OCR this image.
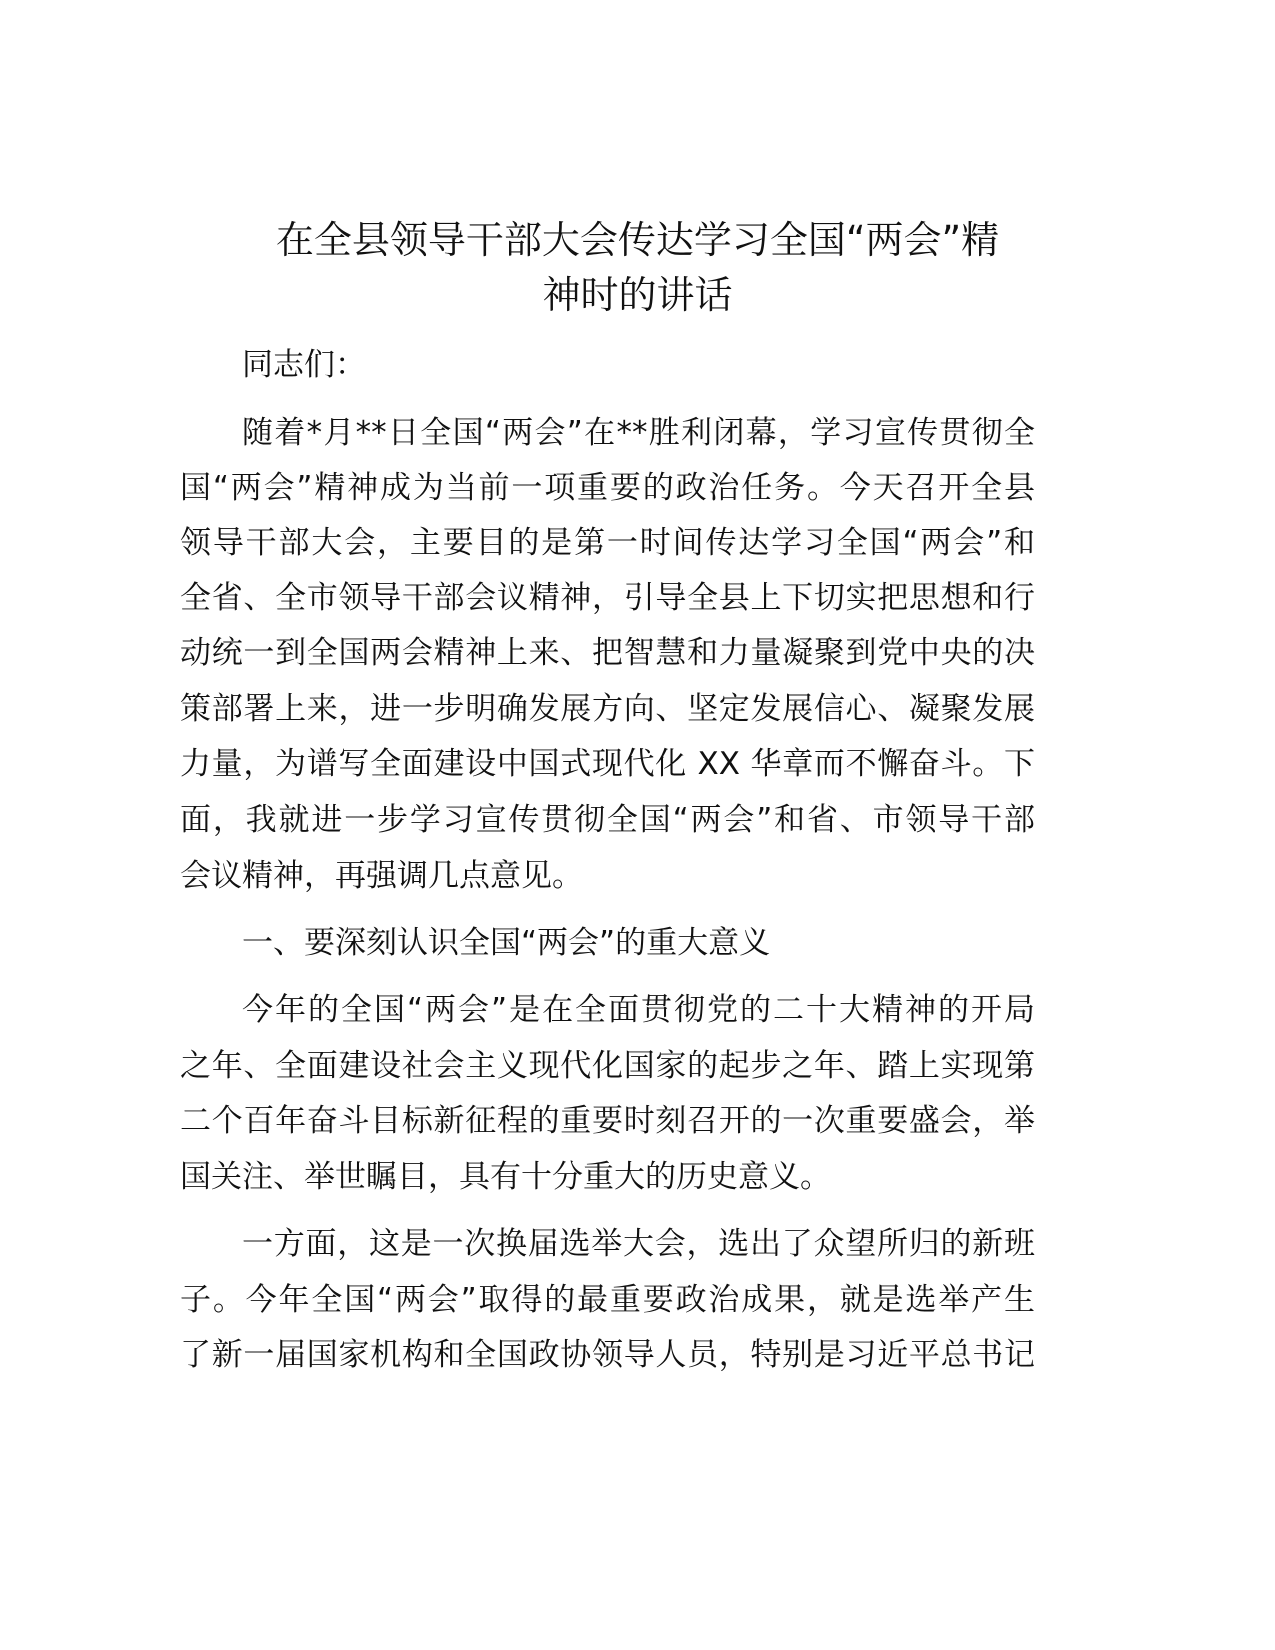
在全县领导干部大会传达学习全国“两会”精
神时的讲话
同志们：
随着*月**日全国“两会”在**胜利闭幕，学习宣传贯彻全
国“两会”精神成为当前一项重要的政治任务。今天召开全县
领导干部大会，主要目的是第一时间传达学习全国“两会”和
全省、全市领导干部会议精神，引导全县上下切实把思想和行
动统一到全国两会精神上来、把智慧和力量凝聚到党中央的决
策部署上来，进一步明确发展方向、坚定发展信心、凝聚发展
力量，为谱写全面建设中国式现代化 XX 华章而不懈奋斗。下
面，我就进一步学习宣传贯彻全国“两会”和省、市领导干部
会议精神，再强调几点意见。
一、要深刻认识全国“两会”的重大意义
今年的全国“两会”是在全面贯彻党的二十大精神的开局
之年、全面建设社会主义现代化国家的起步之年、踏上实现第
二个百年奋斗目标新征程的重要时刻召开的一次重要盛会，举
国关注、举世瞩目，具有十分重大的历史意义。
一方面，这是一次换届选举大会，选出了众望所归的新班
子。今年全国“两会”取得的最重要政治成果，就是选举产生
了新一届国家机构和全国政协领导人员，特别是习近平总书记
